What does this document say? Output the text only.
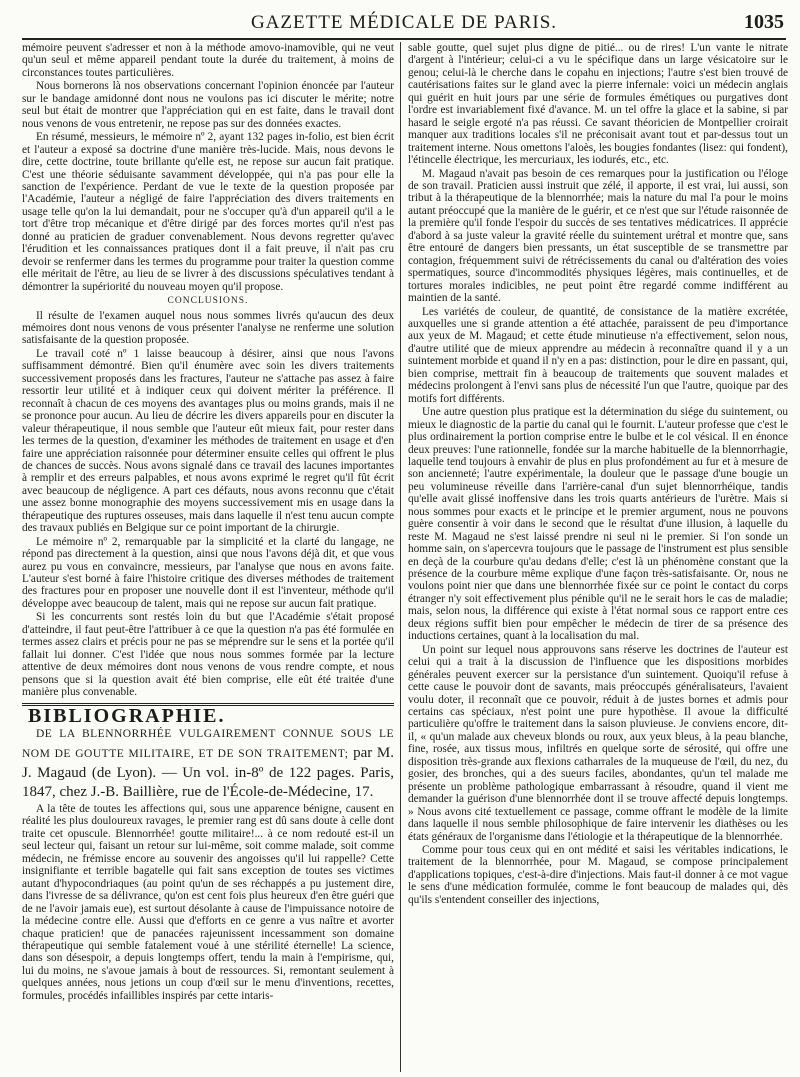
GAZETTE MÉDICALE DE PARIS.	1035

mémoire peuvent s'adresser et non à la méthode amovo-inamovible, qui ne veut qu'un seul et même appareil pendant toute la durée du traitement, à moins de circonstances toutes particulières.

Nous bornerons là nos observations concernant l'opinion énoncée par l'auteur sur le bandage amidonné dont nous ne voulons pas ici discuter le mérite; notre seul but était de montrer que l'appréciation qui en est faite, dans le travail dont nous venons de vous entretenir, ne repose pas sur des données exactes.

En résumé, messieurs, le mémoire nº 2, ayant 132 pages in-folio, est bien écrit et l'auteur a exposé sa doctrine d'une manière très-lucide. Mais, nous devons le dire, cette doctrine, toute brillante qu'elle est, ne repose sur aucun fait pratique. C'est une théorie séduisante savamment développée, qui n'a pas pour elle la sanction de l'expérience. Perdant de vue le texte de la question proposée par l'Académie, l'auteur a négligé de faire l'appréciation des divers traitements en usage telle qu'on la lui demandait, pour ne s'occuper qu'à d'un appareil qu'il a le tort d'être trop mécanique et d'être dirigé par des forces mortes qu'il n'est pas donné au praticien de graduer convenablement. Nous devons regretter qu'avec l'érudition et les connaissances pratiques dont il a fait preuve, il n'ait pas cru devoir se renfermer dans les termes du programme pour traiter la question comme elle méritait de l'être, au lieu de se livrer à des discussions spéculatives tendant à démontrer la supériorité du nouveau moyen qu'il propose.

CONCLUSIONS.

Il résulte de l'examen auquel nous nous sommes livrés qu'aucun des deux mémoires dont nous venons de vous présenter l'analyse ne renferme une solution satisfaisante de la question proposée.

Le travail coté nº 1 laisse beaucoup à désirer, ainsi que nous l'avons suffisamment démontré. Bien qu'il énumère avec soin les divers traitements successivement proposés dans les fractures, l'auteur ne s'attache pas assez à faire ressortir leur utilité et à indiquer ceux qui doivent mériter la préférence. Il reconnaît à chacun de ces moyens des avantages plus ou moins grands, mais il ne se prononce pour aucun. Au lieu de décrire les divers appareils pour en discuter la valeur thérapeutique, il nous semble que l'auteur eût mieux fait, pour rester dans les termes de la question, d'examiner les méthodes de traitement en usage et d'en faire une appréciation raisonnée pour déterminer ensuite celles qui offrent le plus de chances de succès. Nous avons signalé dans ce travail des lacunes importantes à remplir et des erreurs palpables, et nous avons exprimé le regret qu'il fût écrit avec beaucoup de négligence. A part ces défauts, nous avons reconnu que c'était une assez bonne monographie des moyens successivement mis en usage dans la thérapeutique des ruptures osseuses, mais dans laquelle il n'est tenu aucun compte des travaux publiés en Belgique sur ce point important de la chirurgie.

Le mémoire nº 2, remarquable par la simplicité et la clarté du langage, ne répond pas directement à la question, ainsi que nous l'avons déjà dit, et que vous aurez pu vous en convaincre, messieurs, par l'analyse que nous en avons faite. L'auteur s'est borné à faire l'histoire critique des diverses méthodes de traitement des fractures pour en proposer une nouvelle dont il est l'inventeur, méthode qu'il développe avec beaucoup de talent, mais qui ne repose sur aucun fait pratique.

Si les concurrents sont restés loin du but que l'Académie s'était proposé d'atteindre, il faut peut-être l'attribuer à ce que la question n'a pas été formulée en termes assez clairs et précis pour ne pas se méprendre sur le sens et la portée qu'il fallait lui donner. C'est l'idée que nous nous sommes formée par la lecture attentive de deux mémoires dont nous venons de vous rendre compte, et nous pensons que si la question avait été bien comprise, elle eût été traitée d'une manière plus convenable.

BIBLIOGRAPHIE.

DE LA BLENNORRHÉE VULGAIREMENT CONNUE SOUS LE NOM DE GOUTTE MILITAIRE, ET DE SON TRAITEMENT; par M. J. Magaud (de Lyon). — Un vol. in-8º de 122 pages. Paris, 1847, chez J.-B. Baillière, rue de l'École-de-Médecine, 17.

A la tête de toutes les affections qui, sous une apparence bénigne, causent en réalité les plus douloureux ravages, le premier rang est dû sans doute à celle dont traite cet opuscule. Blennorrhée! goutte militaire!... à ce nom redouté est-il un seul lecteur qui, faisant un retour sur lui-même, soit comme malade, soit comme médecin, ne frémisse encore au souvenir des angoisses qu'il lui rappelle? Cette insignifiante et terrible bagatelle qui fait sans exception de toutes ses victimes autant d'hypocondriaques (au point qu'un de ses réchappés a pu justement dire, dans l'ivresse de sa délivrance, qu'on est cent fois plus heureux d'en être guéri que de ne l'avoir jamais eue), est surtout désolante à cause de l'impuissance notoire de la médecine contre elle. Aussi que d'efforts en ce genre a vus naître et avorter chaque praticien! que de panacées rajeunissent incessamment son domaine thérapeutique qui semble fatalement voué à une stérilité éternelle! La science, dans son désespoir, a depuis longtemps offert, tendu la main à l'empirisme, qui, lui du moins, ne s'avoue jamais à bout de ressources. Si, remontant seulement à quelques années, nous jetions un coup d'œil sur le menu d'inventions, recettes, formules, procédés infaillibles inspirés par cette intaris-

sable goutte, quel sujet plus digne de pitié... ou de rires! L'un vante le nitrate d'argent à l'intérieur; celui-ci a vu le spécifique dans un large vésicatoire sur le genou; celui-là le cherche dans le copahu en injections; l'autre s'est bien trouvé de cautérisations faites sur le gland avec la pierre infernale: voici un médecin anglais qui guérit en huit jours par une série de formules émétiques ou purgatives dont l'ordre est invariablement fixé d'avance. M. un tel offre la glace et la sabine, si par hasard le seigle ergoté n'a pas réussi. Ce savant théoricien de Montpellier croirait manquer aux traditions locales s'il ne préconisait avant tout et par-dessus tout un traitement interne. Nous omettons l'aloès, les bougies fondantes (lisez: qui fondent), l'étincelle électrique, les mercuriaux, les iodurés, etc., etc.

M. Magaud n'avait pas besoin de ces remarques pour la justification ou l'éloge de son travail. Praticien aussi instruit que zélé, il apporte, il est vrai, lui aussi, son tribut à la thérapeutique de la blennorrhée; mais la nature du mal l'a pour le moins autant préoccupé que la manière de le guérir, et ce n'est que sur l'étude raisonnée de la première qu'il fonde l'espoir du succès de ses tentatives médicatrices. Il apprécie d'abord à sa juste valeur la gravité réelle du suintement urétral et montre que, sans être entouré de dangers bien pressants, un état susceptible de se transmettre par contagion, fréquemment suivi de rétrécissements du canal ou d'altération des voies spermatiques, source d'incommodités physiques légères, mais continuelles, et de tortures morales indicibles, ne peut point être regardé comme indifférent au maintien de la santé.

Les variétés de couleur, de quantité, de consistance de la matière excrétée, auxquelles une si grande attention a été attachée, paraissent de peu d'importance aux yeux de M. Magaud; et cette étude minutieuse n'a effectivement, selon nous, d'autre utilité que de mieux apprendre au médecin à reconnaître quand il y a un suintement morbide et quand il n'y en a pas: distinction, pour le dire en passant, qui, bien comprise, mettrait fin à beaucoup de traitements que souvent malades et médecins prolongent à l'envi sans plus de nécessité l'un que l'autre, quoique par des motifs fort différents.

Une autre question plus pratique est la détermination du siége du suintement, ou mieux le diagnostic de la partie du canal qui le fournit. L'auteur professe que c'est le plus ordinairement la portion comprise entre le bulbe et le col vésical. Il en énonce deux preuves: l'une rationnelle, fondée sur la marche habituelle de la blennorrhagie, laquelle tend toujours à envahir de plus en plus profondément au fur et à mesure de son ancienneté; l'autre expérimentale, la douleur que le passage d'une bougie un peu volumineuse réveille dans l'arrière-canal d'un sujet blennorrhéique, tandis qu'elle avait glissé inoffensive dans les trois quarts antérieurs de l'urètre. Mais si nous sommes pour exacts et le principe et le premier argument, nous ne pouvons guère consentir à voir dans le second que le résultat d'une illusion, à laquelle du reste M. Magaud ne s'est laissé prendre ni seul ni le premier. Si l'on sonde un homme sain, on s'apercevra toujours que le passage de l'instrument est plus sensible en deçà de la courbure qu'au dedans d'elle; c'est là un phénomène constant que la présence de la courbure même explique d'une façon très-satisfaisante. Or, nous ne voulons point nier que dans une blennorrhée fixée sur ce point le contact du corps étranger n'y soit effectivement plus pénible qu'il ne le serait hors le cas de maladie; mais, selon nous, la différence qui existe à l'état normal sous ce rapport entre ces deux régions suffit bien pour empêcher le médecin de tirer de sa présence des inductions certaines, quant à la localisation du mal.

Un point sur lequel nous approuvons sans réserve les doctrines de l'auteur est celui qui a trait à la discussion de l'influence que les dispositions morbides générales peuvent exercer sur la persistance d'un suintement. Quoiqu'il refuse à cette cause le pouvoir dont de savants, mais préoccupés généralisateurs, l'avaient voulu doter, il reconnaît que ce pouvoir, réduit à de justes bornes et admis pour certains cas spéciaux, n'est point une pure hypothèse. Il avoue la difficulté particulière qu'offre le traitement dans la saison pluvieuse. Je conviens encore, dit-il, « qu'un malade aux cheveux blonds ou roux, aux yeux bleus, à la peau blanche, fine, rosée, aux tissus mous, infiltrés en quelque sorte de sérosité, qui offre une disposition très-grande aux flexions catharrales de la muqueuse de l'œil, du nez, du gosier, des bronches, qui a des sueurs faciles, abondantes, qu'un tel malade me présente un problème pathologique embarrassant à résoudre, quand il vient me demander la guérison d'une blennorrhée dont il se trouve affecté depuis longtemps. » Nous avons cité textuellement ce passage, comme offrant le modèle de la limite dans laquelle il nous semble philosophique de faire intervenir les diathèses ou les états généraux de l'organisme dans l'étiologie et la thérapeutique de la blennorrhée.

Comme pour tous ceux qui en ont médité et saisi les véritables indications, le traitement de la blennorrhée, pour M. Magaud, se compose principalement d'applications topiques, c'est-à-dire d'injections. Mais faut-il donner à ce mot vague le sens d'une médication formulée, comme le font beaucoup de malades qui, dès qu'ils s'entendent conseiller des injections,
